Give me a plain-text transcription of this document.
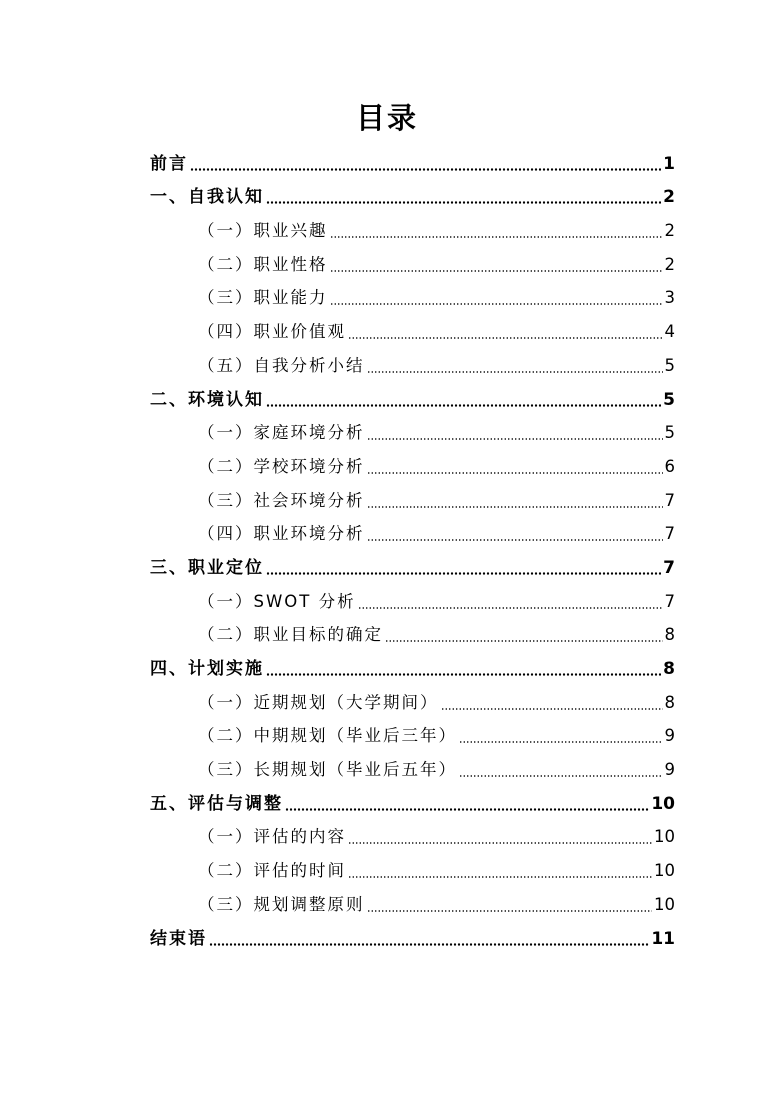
目录
前言	1
一、自我认知	2
（一）职业兴趣	2
（二）职业性格	2
（三）职业能力	3
（四）职业价值观	4
（五）自我分析小结	5
二、环境认知	5
（一）家庭环境分析	5
（二）学校环境分析	6
（三）社会环境分析	7
（四）职业环境分析	7
三、职业定位	7
（一）SWOT 分析	7
（二）职业目标的确定	8
四、计划实施	8
（一）近期规划（大学期间）	8
（二）中期规划（毕业后三年）	9
（三）长期规划（毕业后五年）	9
五、评估与调整	10
（一）评估的内容	10
（二）评估的时间	10
（三）规划调整原则	10
结束语	11
